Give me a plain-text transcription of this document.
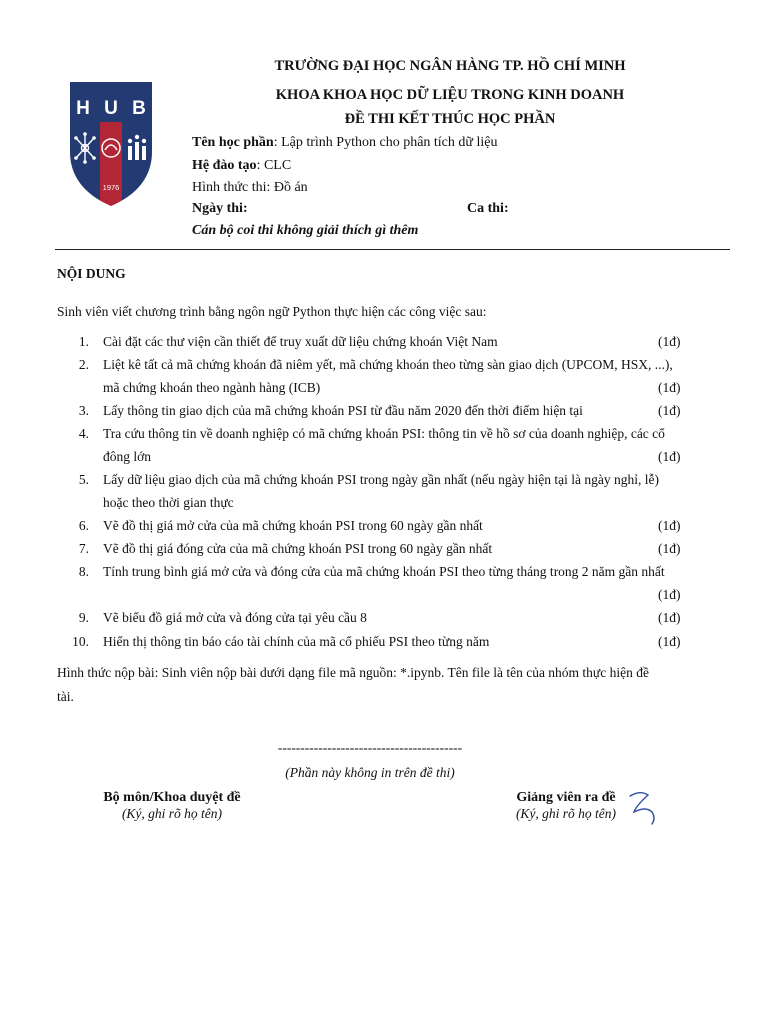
H U B
1976
TRƯỜNG ĐẠI HỌC NGÂN HÀNG TP. HỒ CHÍ MINH
KHOA KHOA HỌC DỮ LIỆU TRONG KINH DOANH
ĐỀ THI KẾT THÚC HỌC PHẦN
Tên học phần: Lập trình Python cho phân tích dữ liệu
Hệ đào tạo: CLC
Hình thức thi: Đồ án
Ngày thi:	Ca thi:
Cán bộ coi thi không giải thích gì thêm
NỘI DUNG
Sinh viên viết chương trình bằng ngôn ngữ Python thực hiện các công việc sau:
1. Cài đặt các thư viện cần thiết để truy xuất dữ liệu chứng khoán Việt Nam	(1đ)
2. Liệt kê tất cả mã chứng khoán đã niêm yết, mã chứng khoán theo từng sàn giao dịch (UPCOM, HSX, ...), mã chứng khoán theo ngành hàng (ICB)	(1đ)
3. Lấy thông tin giao dịch của mã chứng khoán PSI từ đầu năm 2020 đến thời điểm hiện tại	(1đ)
4. Tra cứu thông tin về doanh nghiệp có mã chứng khoán PSI: thông tin về hồ sơ của doanh nghiệp, các cổ đông lớn	(1đ)
5. Lấy dữ liệu giao dịch của mã chứng khoán PSI trong ngày gần nhất (nếu ngày hiện tại là ngày nghỉ, lễ) hoặc theo thời gian thực
6. Vẽ đồ thị giá mở cửa của mã chứng khoán PSI trong 60 ngày gần nhất	(1đ)
7. Vẽ đồ thị giá đóng cửa của mã chứng khoán PSI trong 60 ngày gần nhất	(1đ)
8. Tính trung bình giá mở cửa và đóng cửa của mã chứng khoán PSI theo từng tháng trong 2 năm gần nhất
(1đ)
9. Vẽ biểu đồ giá mở cửa và đóng cửa tại yêu cầu 8	(1đ)
10. Hiển thị thông tin báo cáo tài chính của mã cổ phiếu PSI theo từng năm	(1đ)
Hình thức nộp bài: Sinh viên nộp bài dưới dạng file mã nguồn: *.ipynb. Tên file là tên của nhóm thực hiện đề
tài.
-----------------------------------------
(Phần này không in trên đề thi)
Bộ môn/Khoa duyệt đề
(Ký, ghi rõ họ tên)
Giảng viên ra đề
(Ký, ghi rõ họ tên)
